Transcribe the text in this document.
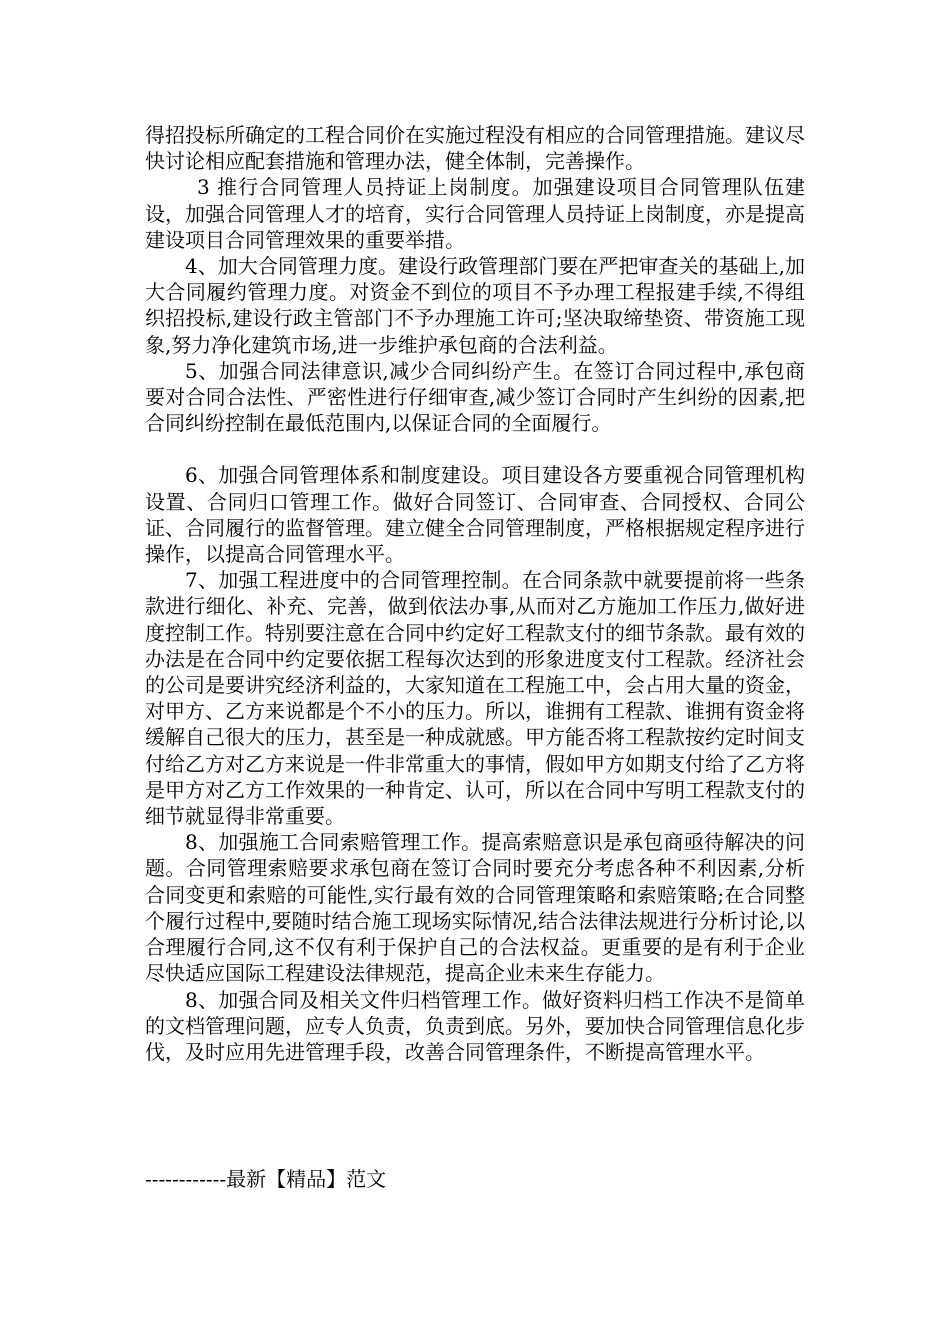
得招投标所确定的工程合同价在实施过程没有相应的合同管理措施。建议尽快讨论相应配套措施和管理办法，健全体制，完善操作。

3 推行合同管理人员持证上岗制度。加强建设项目合同管理队伍建设，加强合同管理人才的培育，实行合同管理人员持证上岗制度，亦是提高建设项目合同管理效果的重要举措。

4、加大合同管理力度。建设行政管理部门要在严把审查关的基础上,加大合同履约管理力度。对资金不到位的项目不予办理工程报建手续,不得组织招投标,建设行政主管部门不予办理施工许可;坚决取缔垫资、带资施工现象,努力净化建筑市场,进一步维护承包商的合法利益。

5、加强合同法律意识,减少合同纠纷产生。在签订合同过程中,承包商要对合同合法性、严密性进行仔细审查,减少签订合同时产生纠纷的因素,把合同纠纷控制在最低范围内,以保证合同的全面履行。

6、加强合同管理体系和制度建设。项目建设各方要重视合同管理机构设置、合同归口管理工作。做好合同签订、合同审查、合同授权、合同公证、合同履行的监督管理。建立健全合同管理制度，严格根据规定程序进行操作，以提高合同管理水平。

7、加强工程进度中的合同管理控制。在合同条款中就要提前将一些条款进行细化、补充、完善，做到依法办事,从而对乙方施加工作压力,做好进度控制工作。特别要注意在合同中约定好工程款支付的细节条款。最有效的办法是在合同中约定要依据工程每次达到的形象进度支付工程款。经济社会的公司是要讲究经济利益的，大家知道在工程施工中，会占用大量的资金，对甲方、乙方来说都是个不小的压力。所以，谁拥有工程款、谁拥有资金将缓解自己很大的压力，甚至是一种成就感。甲方能否将工程款按约定时间支付给乙方对乙方来说是一件非常重大的事情，假如甲方如期支付给了乙方将是甲方对乙方工作效果的一种肯定、认可，所以在合同中写明工程款支付的细节就显得非常重要。

8、加强施工合同索赔管理工作。提高索赔意识是承包商亟待解决的问题。合同管理索赔要求承包商在签订合同时要充分考虑各种不利因素,分析合同变更和索赔的可能性,实行最有效的合同管理策略和索赔策略;在合同整个履行过程中,要随时结合施工现场实际情况,结合法律法规进行分析讨论,以合理履行合同,这不仅有利于保护自己的合法权益。更重要的是有利于企业尽快适应国际工程建设法律规范，提高企业未来生存能力。

8、加强合同及相关文件归档管理工作。做好资料归档工作决不是简单的文档管理问题，应专人负责，负责到底。另外，要加快合同管理信息化步伐，及时应用先进管理手段，改善合同管理条件，不断提高管理水平。

------------最新【精品】范文
